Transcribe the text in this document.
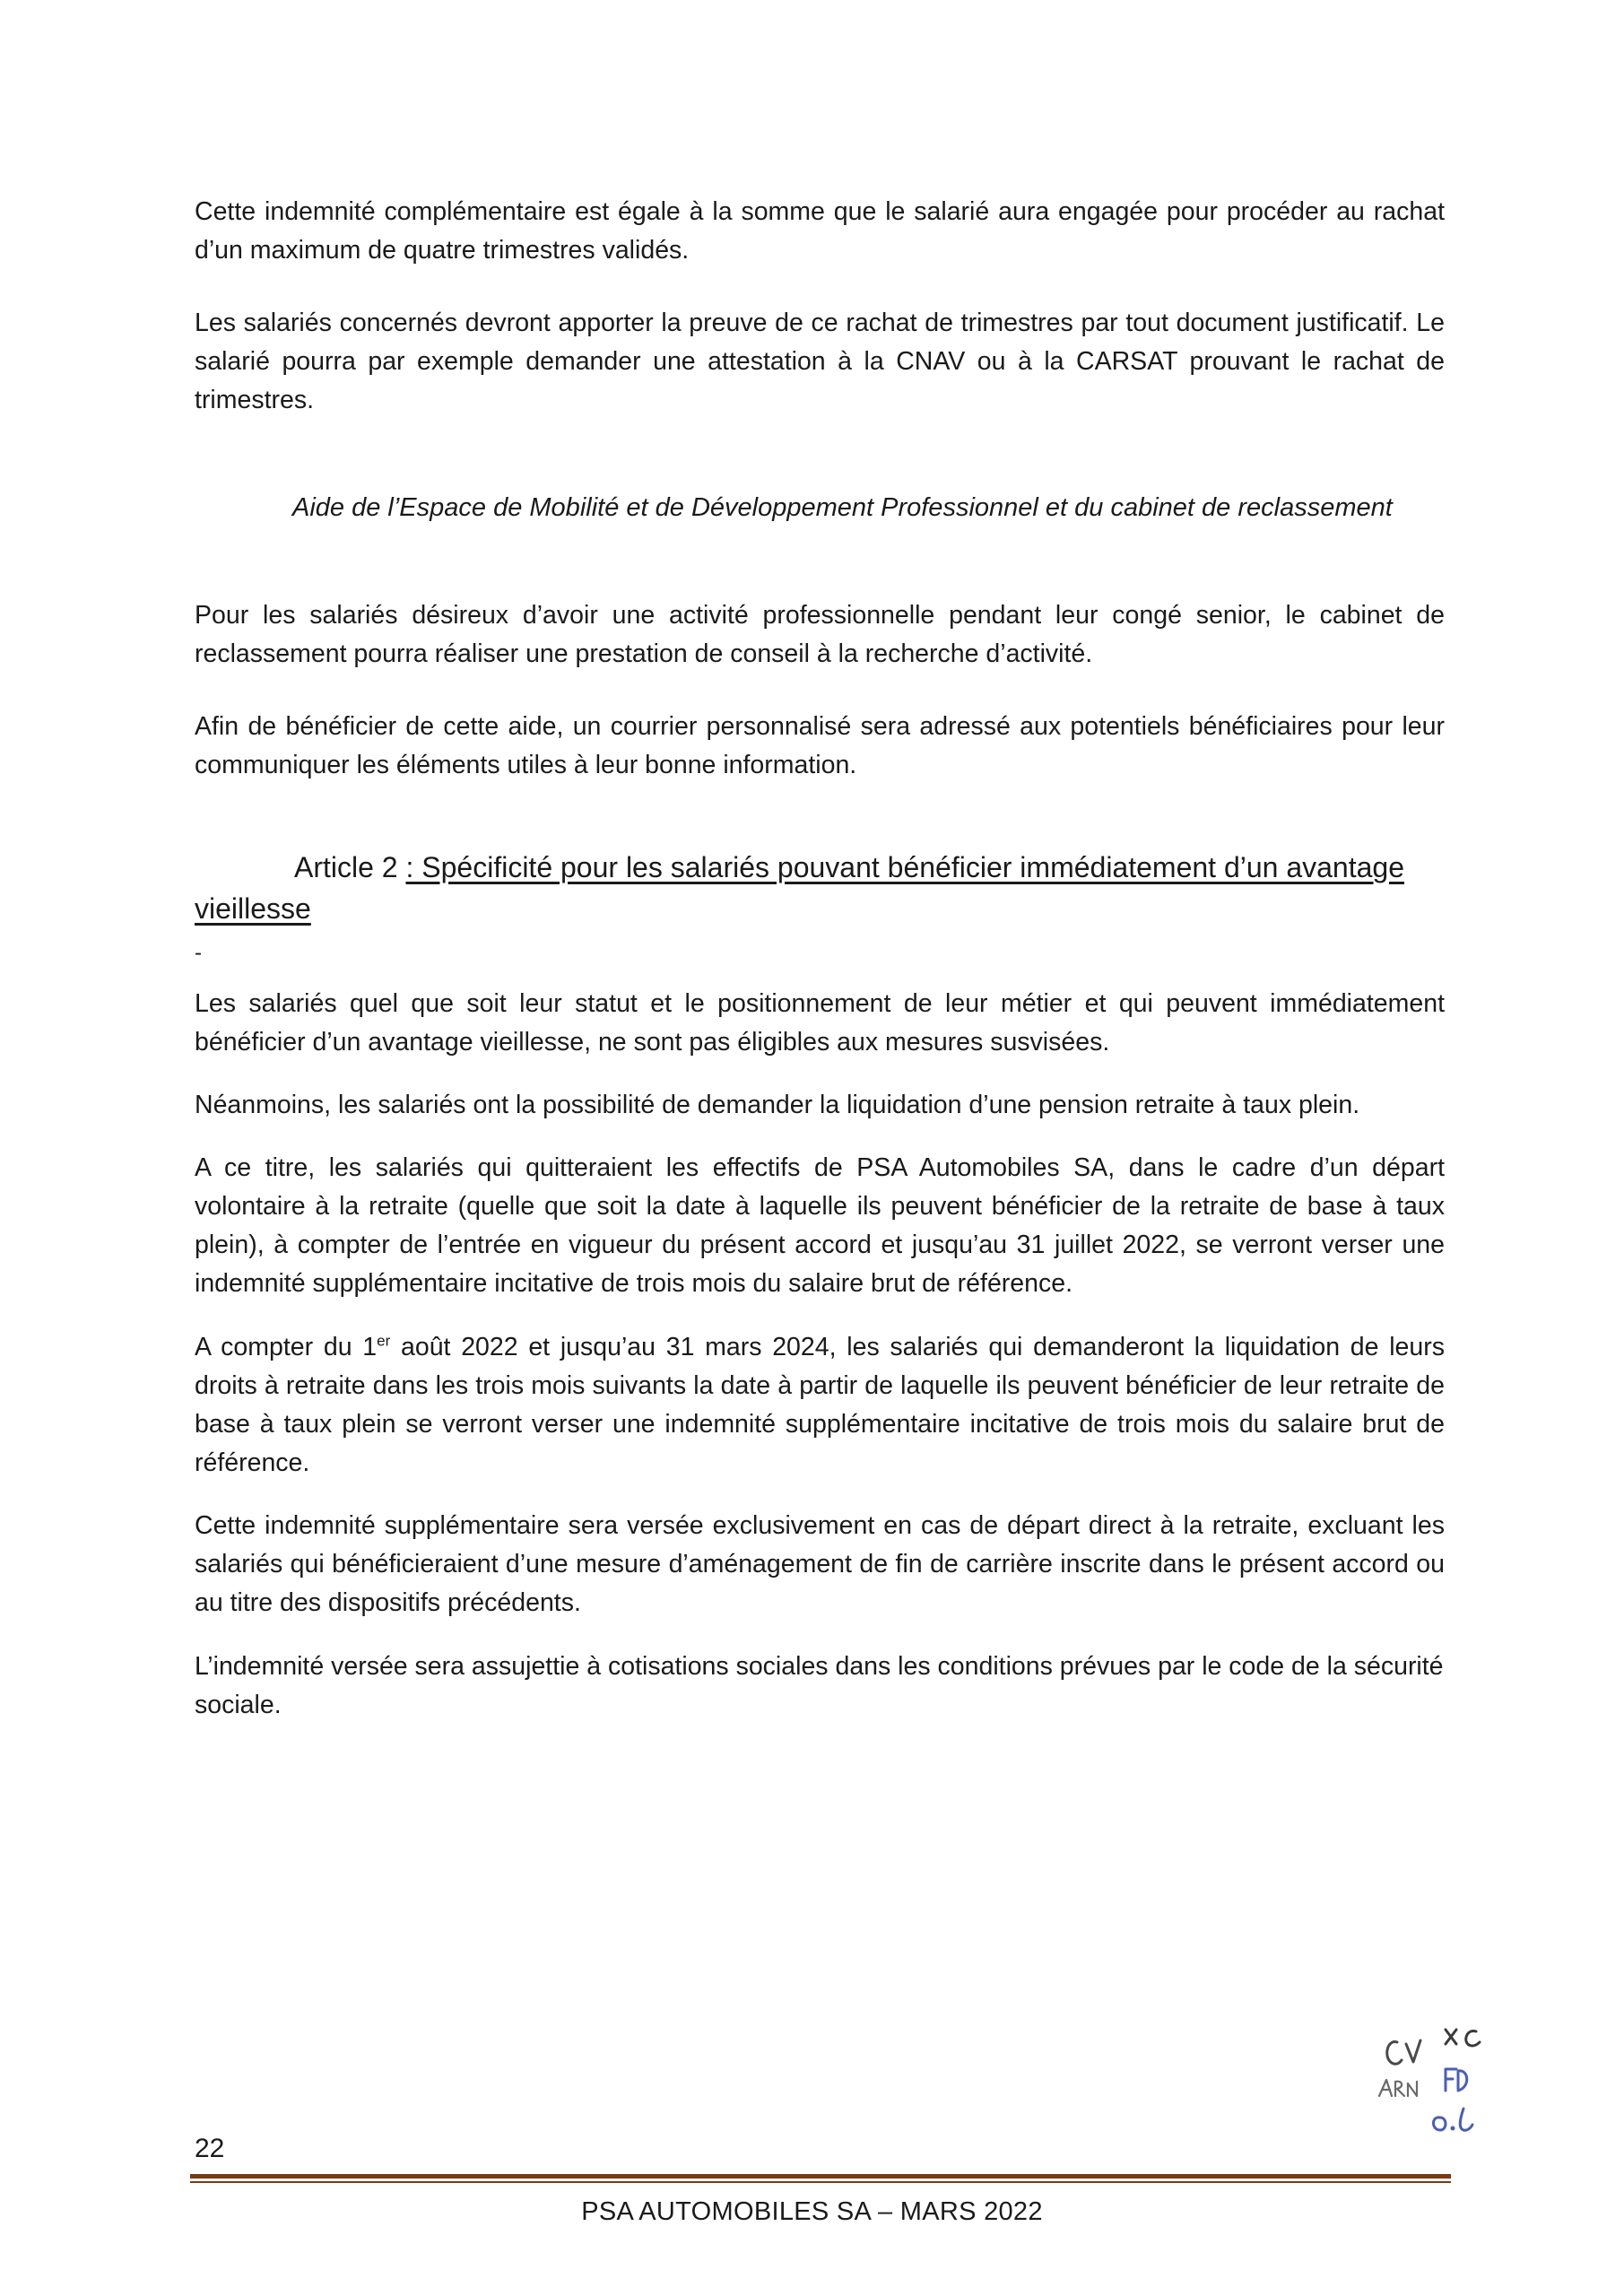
Cette indemnité complémentaire est égale à la somme que le salarié aura engagée pour procéder au rachat d’un maximum de quatre trimestres validés.

Les salariés concernés devront apporter la preuve de ce rachat de trimestres par tout document justificatif. Le salarié pourra par exemple demander une attestation à la CNAV ou à la CARSAT prouvant le rachat de trimestres.

Aide de l’Espace de Mobilité et de Développement Professionnel et du cabinet de reclassement

Pour les salariés désireux d’avoir une activité professionnelle pendant leur congé senior, le cabinet de reclassement pourra réaliser une prestation de conseil à la recherche d’activité.

Afin de bénéficier de cette aide, un courrier personnalisé sera adressé aux potentiels bénéficiaires pour leur communiquer les éléments utiles à leur bonne information.

Article 2 : Spécificité pour les salariés pouvant bénéficier immédiatement d’un avantage vieillesse
-

Les salariés quel que soit leur statut et le positionnement de leur métier et qui peuvent immédiatement bénéficier d’un avantage vieillesse, ne sont pas éligibles aux mesures susvisées.

Néanmoins, les salariés ont la possibilité de demander la liquidation d’une pension retraite à taux plein.

A ce titre, les salariés qui quitteraient les effectifs de PSA Automobiles SA, dans le cadre d’un départ volontaire à la retraite (quelle que soit la date à laquelle ils peuvent bénéficier de la retraite de base à taux plein), à compter de l’entrée en vigueur du présent accord et jusqu’au 31 juillet 2022, se verront verser une indemnité supplémentaire incitative de trois mois du salaire brut de référence.

A compter du 1er août 2022 et jusqu’au 31 mars 2024, les salariés qui demanderont la liquidation de leurs droits à retraite dans les trois mois suivants la date à partir de laquelle ils peuvent bénéficier de leur retraite de base à taux plein se verront verser une indemnité supplémentaire incitative de trois mois du salaire brut de référence.

Cette indemnité supplémentaire sera versée exclusivement en cas de départ direct à la retraite, excluant les salariés qui bénéficieraient d’une mesure d’aménagement de fin de carrière inscrite dans le présent accord ou au titre des dispositifs précédents.

L’indemnité versée sera assujettie à cotisations sociales dans les conditions prévues par le code de la sécurité sociale.

22
PSA AUTOMOBILES SA – MARS 2022
